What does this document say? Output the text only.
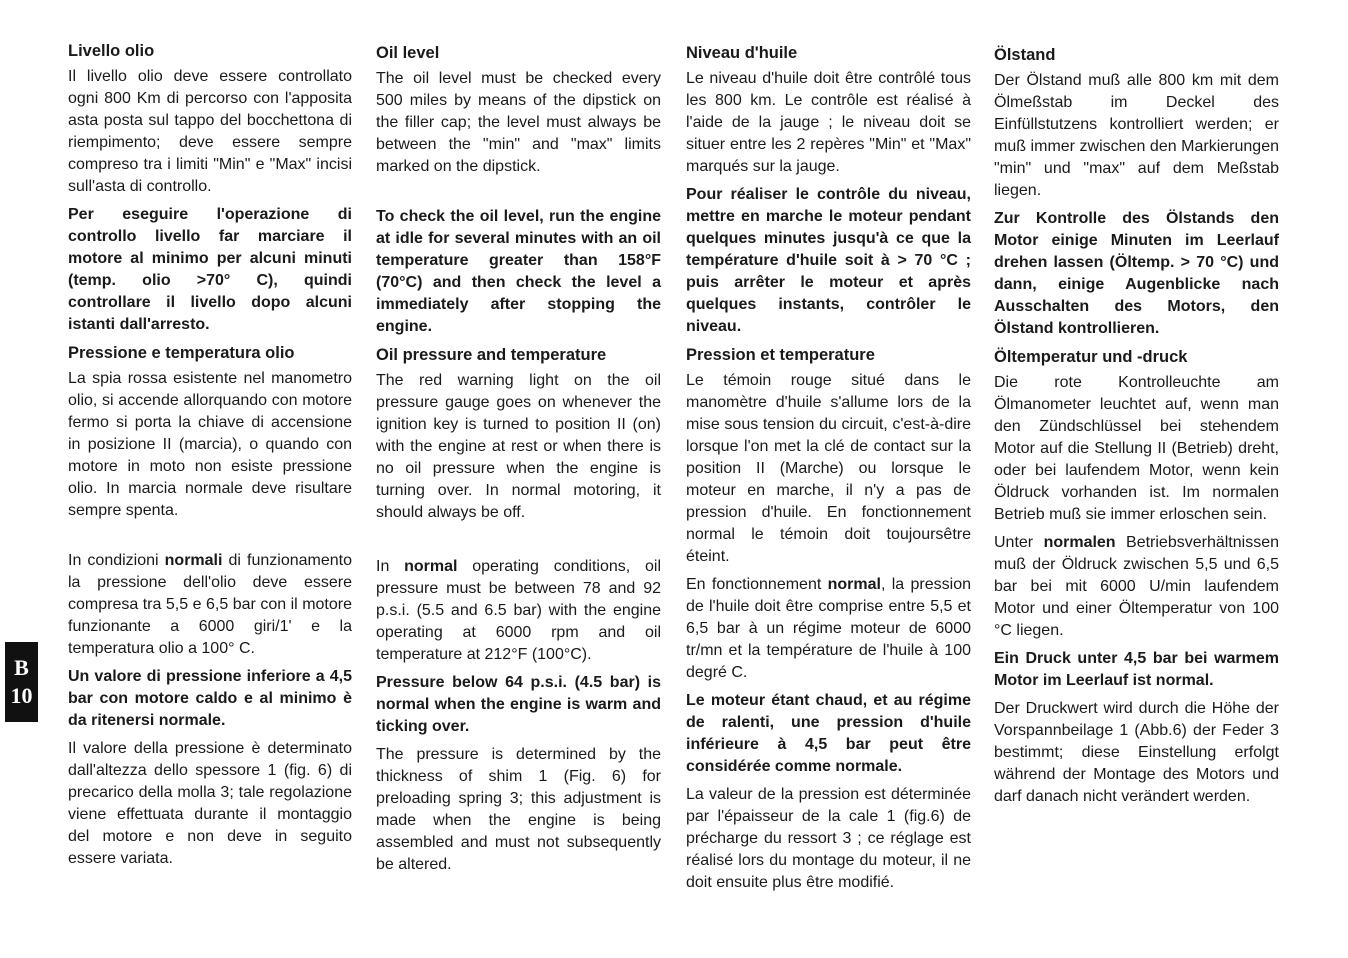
Livello olio

Il livello olio deve essere controllato ogni 800 Km di percorso con l'apposita asta posta sul tappo del bocchettona di riempimento; deve essere sempre compreso tra i limiti "Min" e "Max" incisi sull'asta di controllo.

Per eseguire l'operazione di controllo livello far marciare il motore al minimo per alcuni minuti (temp. olio >70° C), quindi controllare il livello dopo alcuni istanti dall'arresto.

Pressione e temperatura olio

La spia rossa esistente nel manometro olio, si accende allorquando con motore fermo si porta la chiave di accensione in posizione II (marcia), o quando con motore in moto non esiste pressione olio. In marcia normale deve risultare sempre spenta.

In condizioni normali di funzionamento la pressione dell'olio deve essere compresa tra 5,5 e 6,5 bar con il motore funzionante a 6000 giri/1' e la temperatura olio a 100° C.

Un valore di pressione inferiore a 4,5 bar con motore caldo e al minimo è da ritenersi normale.

Il valore della pressione è determinato dall'altezza dello spessore 1 (fig. 6) di precarico della molla 3; tale regolazione viene effettuata durante il montaggio del motore e non deve in seguito essere variata.

Oil level

The oil level must be checked every 500 miles by means of the dipstick on the filler cap; the level must always be between the "min" and "max" limits marked on the dipstick.

To check the oil level, run the engine at idle for several minutes with an oil temperature greater than 158°F (70°C) and then check the level a immediately after stopping the engine.

Oil pressure and temperature

The red warning light on the oil pressure gauge goes on whenever the ignition key is turned to position II (on) with the engine at rest or when there is no oil pressure when the engine is turning over. In normal motoring, it should always be off.

In normal operating conditions, oil pressure must be between 78 and 92 p.s.i. (5.5 and 6.5 bar) with the engine operating at 6000 rpm and oil temperature at 212°F (100°C).

Pressure below 64 p.s.i. (4.5 bar) is normal when the engine is warm and ticking over.

The pressure is determined by the thickness of shim 1 (Fig. 6) for preloading spring 3; this adjustment is made when the engine is being assembled and must not subsequently be altered.

Niveau d'huile

Le niveau d'huile doit être contrôlé tous les 800 km. Le contrôle est réalisé à l'aide de la jauge ; le niveau doit se situer entre les 2 repères "Min" et "Max" marqués sur la jauge.

Pour réaliser le contrôle du niveau, mettre en marche le moteur pendant quelques minutes jusqu'à ce que la température d'huile soit à > 70 °C ; puis arrêter le moteur et après quelques instants, contrôler le niveau.

Pression et temperature

Le témoin rouge situé dans le manomètre d'huile s'allume lors de la mise sous tension du circuit, c'est-à-dire lorsque l'on met la clé de contact sur la position II (Marche) ou lorsque le moteur en marche, il n'y a pas de pression d'huile. En fonctionnement normal le témoin doit toujoursêtre éteint.

En fonctionnement normal, la pression de l'huile doit être comprise entre 5,5 et 6,5 bar à un régime moteur de 6000 tr/mn et la température de l'huile à 100 degré C.

Le moteur étant chaud, et au régime de ralenti, une pression d'huile inférieure à 4,5 bar peut être considérée comme normale.

La valeur de la pression est déterminée par l'épaisseur de la cale 1 (fig.6) de précharge du ressort 3 ; ce réglage est réalisé lors du montage du moteur, il ne doit ensuite plus être modifié.

Ölstand

Der Ölstand muß alle 800 km mit dem Ölmeßstab im Deckel des Einfüllstutzens kontrolliert werden; er muß immer zwischen den Markierungen "min" und "max" auf dem Meßstab liegen.

Zur Kontrolle des Ölstands den Motor einige Minuten im Leerlauf drehen lassen (Öltemp. > 70 °C) und dann, einige Augenblicke nach Ausschalten des Motors, den Ölstand kontrollieren.

Öltemperatur und -druck

Die rote Kontrolleuchte am Ölmanometer leuchtet auf, wenn man den Zündschlüssel bei stehendem Motor auf die Stellung II (Betrieb) dreht, oder bei laufendem Motor, wenn kein Öldruck vorhanden ist. Im normalen Betrieb muß sie immer erloschen sein.

Unter normalen Betriebsverhältnissen muß der Öldruck zwischen 5,5 und 6,5 bar bei mit 6000 U/min laufendem Motor und einer Öltemperatur von 100 °C liegen.

Ein Druck unter 4,5 bar bei warmem Motor im Leerlauf ist normal.

Der Druckwert wird durch die Höhe der Vorspannbeilage 1 (Abb.6) der Feder 3 bestimmt; diese Einstellung erfolgt während der Montage des Motors und darf danach nicht verändert werden.

B
10
